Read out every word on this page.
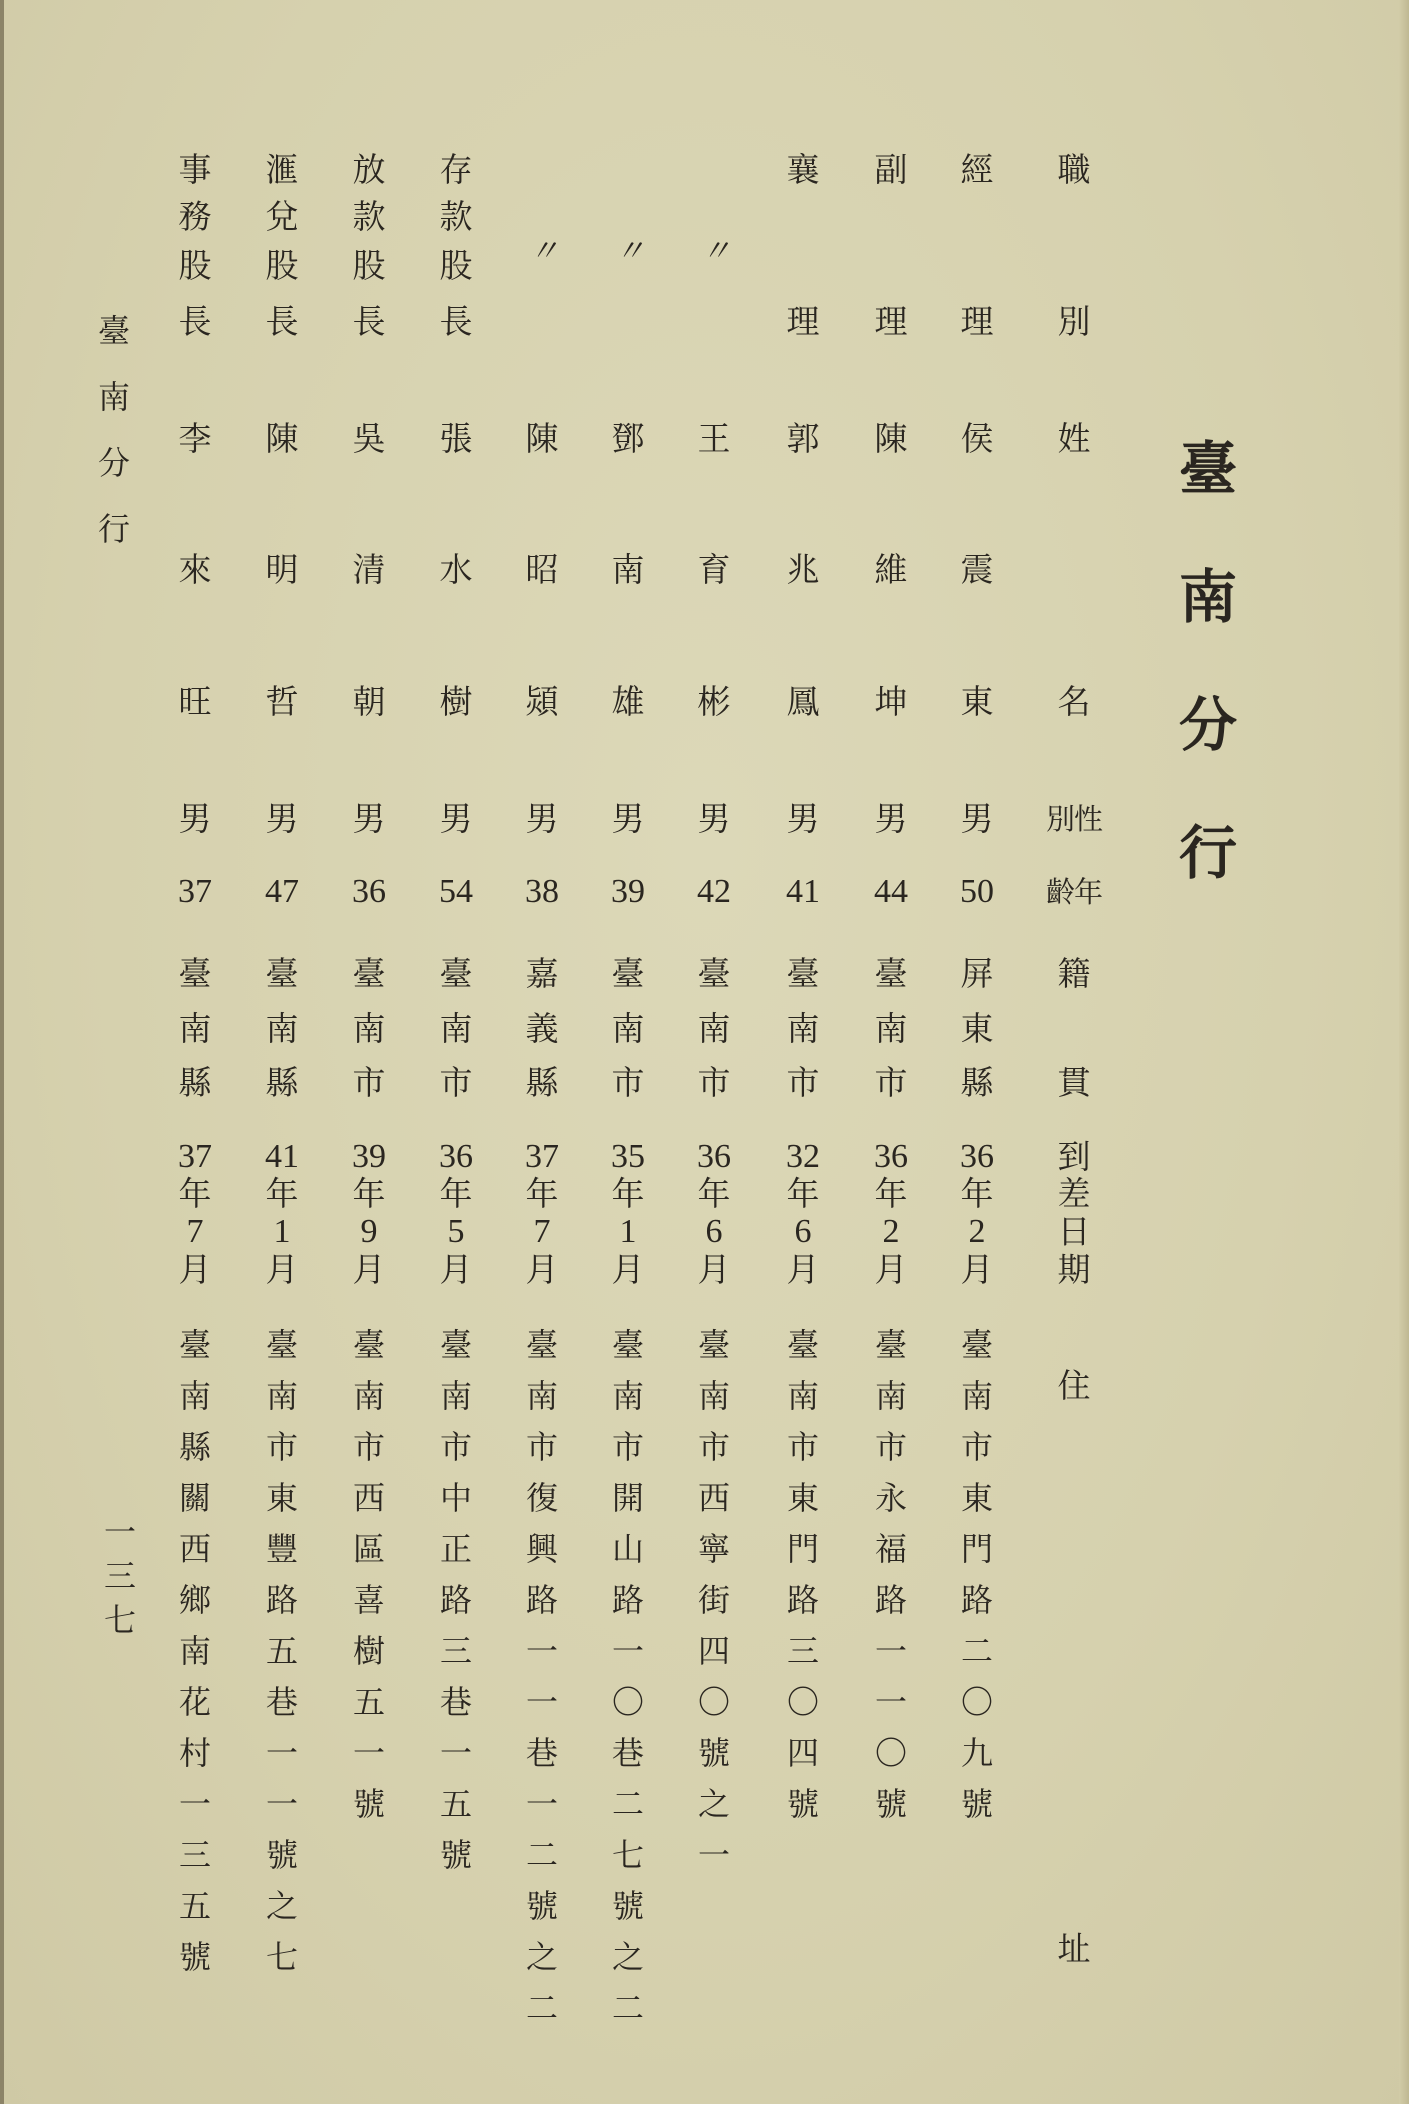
臺
南
分
行
職
別
姓
名
別性
齡年
籍
貫
到
差
日
期
住
址
經
理
侯
震
東
男
50
屏
東
縣
36
年
2
月
臺
南
市
東
門
路
二
〇
九
號
副
理
陳
維
坤
男
44
臺
南
市
36
年
2
月
臺
南
市
永
福
路
一
一
〇
號
襄
理
郭
兆
鳳
男
41
臺
南
市
32
年
6
月
臺
南
市
東
門
路
三
〇
四
號
〃
王
育
彬
男
42
臺
南
市
36
年
6
月
臺
南
市
西
寧
街
四
〇
號
之
一
〃
鄧
南
雄
男
39
臺
南
市
35
年
1
月
臺
南
市
開
山
路
一
〇
巷
二
七
號
之
二
〃
陳
昭
熲
男
38
嘉
義
縣
37
年
7
月
臺
南
市
復
興
路
一
一
巷
一
二
號
之
二
存
款
股
長
張
水
樹
男
54
臺
南
市
36
年
5
月
臺
南
市
中
正
路
三
巷
一
五
號
放
款
股
長
吳
清
朝
男
36
臺
南
市
39
年
9
月
臺
南
市
西
區
喜
樹
五
一
號
滙
兌
股
長
陳
明
哲
男
47
臺
南
縣
41
年
1
月
臺
南
市
東
豐
路
五
巷
一
一
號
之
七
事
務
股
長
李
來
旺
男
37
臺
南
縣
37
年
7
月
臺
南
縣
關
西
鄉
南
花
村
一
三
五
號
臺
南
分
行
一
三
七
